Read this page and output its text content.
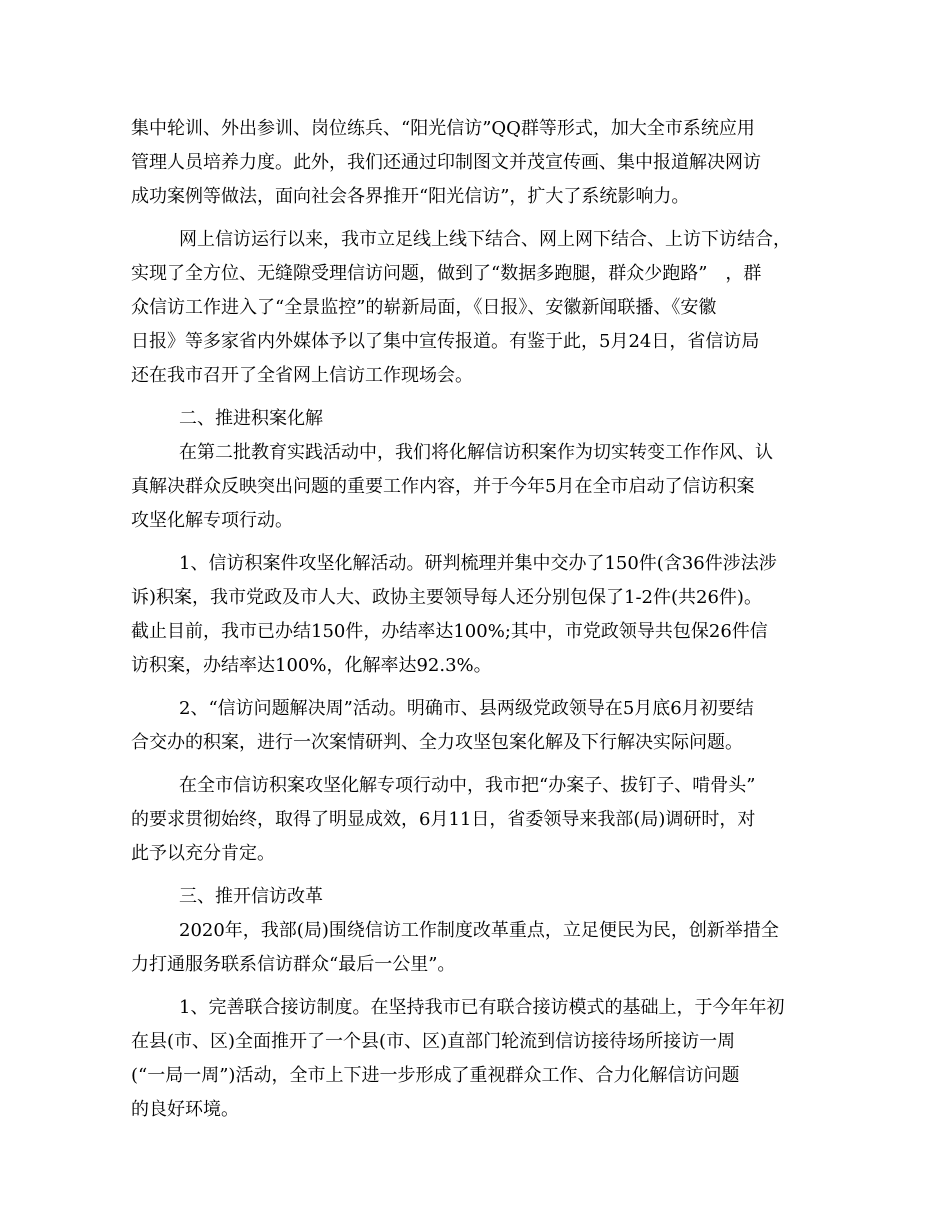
集中轮训、外出参训、岗位练兵、“阳光信访”QQ群等形式，加大全市系统应用
管理人员培养力度。此外，我们还通过印制图文并茂宣传画、集中报道解决网访
成功案例等做法，面向社会各界推开“阳光信访”，扩大了系统影响力。
网上信访运行以来，我市立足线上线下结合、网上网下结合、上访下访结合，
实现了全方位、无缝隙受理信访问题，做到了“数据多跑腿，群众少跑路”　，群
众信访工作进入了“全景监控”的崭新局面，《日报》、安徽新闻联播、《安徽
日报》等多家省内外媒体予以了集中宣传报道。有鉴于此，5月24日，省信访局
还在我市召开了全省网上信访工作现场会。
二、推进积案化解
在第二批教育实践活动中，我们将化解信访积案作为切实转变工作作风、认
真解决群众反映突出问题的重要工作内容，并于今年5月在全市启动了信访积案
攻坚化解专项行动。
1、信访积案件攻坚化解活动。研判梳理并集中交办了150件(含36件涉法涉
诉)积案，我市党政及市人大、政协主要领导每人还分别包保了1-2件(共26件)。
截止目前，我市已办结150件，办结率达100%;其中，市党政领导共包保26件信
访积案，办结率达100%，化解率达92.3%。
2、“信访问题解决周”活动。明确市、县两级党政领导在5月底6月初要结
合交办的积案，进行一次案情研判、全力攻坚包案化解及下行解决实际问题。
在全市信访积案攻坚化解专项行动中，我市把“办案子、拔钉子、啃骨头”
的要求贯彻始终，取得了明显成效，6月11日，省委领导来我部(局)调研时，对
此予以充分肯定。
三、推开信访改革
2020年，我部(局)围绕信访工作制度改革重点，立足便民为民，创新举措全
力打通服务联系信访群众“最后一公里”。
1、完善联合接访制度。在坚持我市已有联合接访模式的基础上，于今年年初
在县(市、区)全面推开了一个县(市、区)直部门轮流到信访接待场所接访一周
(“一局一周”)活动，全市上下进一步形成了重视群众工作、合力化解信访问题
的良好环境。
